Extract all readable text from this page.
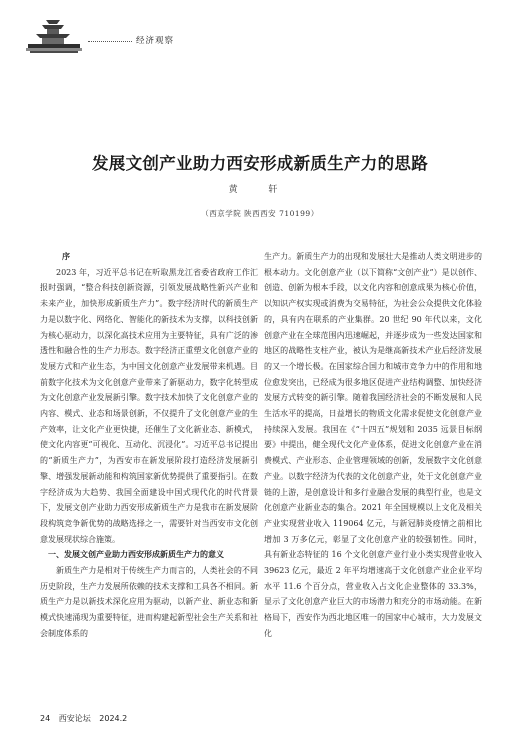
经济观察
发展文创产业助力西安形成新质生产力的思路
黄 轩
（西京学院 陕西西安 710199）
序

2023 年，习近平总书记在听取黑龙江省委省政府工作汇报时强调，“整合科技创新资源，引领发展战略性新兴产业和未来产业，加快形成新质生产力”。数字经济时代的新质生产力是以数字化、网络化、智能化的新技术为支撑，以科技创新为核心驱动力，以深化高技术应用为主要特征，具有广泛的渗透性和融合性的生产力形态。数字经济正重塑文化创意产业的发展方式和产业生态，为中国文化创意产业发展带来机遇。目前数字化技术为文化创意产业带来了新驱动力，数字化转型成为文化创意产业发展新引擎。数字技术加快了文化创意产业的内容、模式、业态和场景创新，不仅提升了文化创意产业的生产效率，让文化产业更快捷，还催生了文化新业态、新模式，使文化内容更“可视化、互动化、沉浸化”。习近平总书记提出的“新质生产力”，为西安市在新发展阶段打造经济发展新引擎、增强发展新动能和构筑国家新优势提供了重要指引。在数字经济成为大趋势、我国全面建设中国式现代化的时代背景下，发展文创产业助力西安形成新质生产力是我市在新发展阶段构筑竞争新优势的战略选择之一，需要针对当西安市文化创意发展现状综合施策。

一、发展文创产业助力西安形成新质生产力的意义

新质生产力是相对于传统生产力而言的，人类社会的不同历史阶段，生产力发展所依赖的技术支撑和工具各不相同。新质生产力是以新技术深化应用为驱动，以新产业、新业态和新模式快速涌现为重要特征，进而构建起新型社会生产关系和社会制度体系的

生产力。新质生产力的出现和发展壮大是推动人类文明进步的根本动力。文化创意产业（以下简称“文创产业”）是以创作、创造、创新为根本手段，以文化内容和创意成果为核心价值，以知识产权实现或消费为交易特征，为社会公众提供文化体验的，具有内在联系的产业集群。20 世纪 90 年代以来，文化创意产业在全球范围内迅速崛起，并逐步成为一些发达国家和地区的战略性支柱产业，被认为是继高新技术产业后经济发展的又一个增长极。在国家综合国力和城市竞争力中的作用和地位愈发突出，已经成为很多地区促进产业结构调整、加快经济发展方式转变的新引擎。随着我国经济社会的不断发展和人民生活水平的提高，日益增长的物质文化需求促使文化创意产业持续深入发展。我国在《“十四五”规划和 2035 远景目标纲要》中提出，健全现代文化产业体系，促进文化创意产业在消费模式、产业形态、企业管理领域的创新，发展数字文化创意产业。以数字经济为代表的文化创意产业，处于文化创意产业链的上游，是创意设计和多行业融合发展的典型行业，也是文化创意产业新业态的集合。2021 年全国规模以上文化及相关产业实现营业收入 119064 亿元，与新冠肺炎疫情之前相比增加 3 万多亿元，彰显了文化创意产业的较强韧性。同时，具有新业态特征的 16 个文化创意产业行业小类实现营业收入 39623 亿元，最近 2 年平均增速高于文化创意产业企业平均水平 11.6 个百分点，营业收入占文化企业整体的 33.3%，显示了文化创意产业巨大的市场潜力和充分的市场动能。在新格局下，西安作为西北地区唯一的国家中心城市，大力发展文化

24 西安论坛 2024.2
